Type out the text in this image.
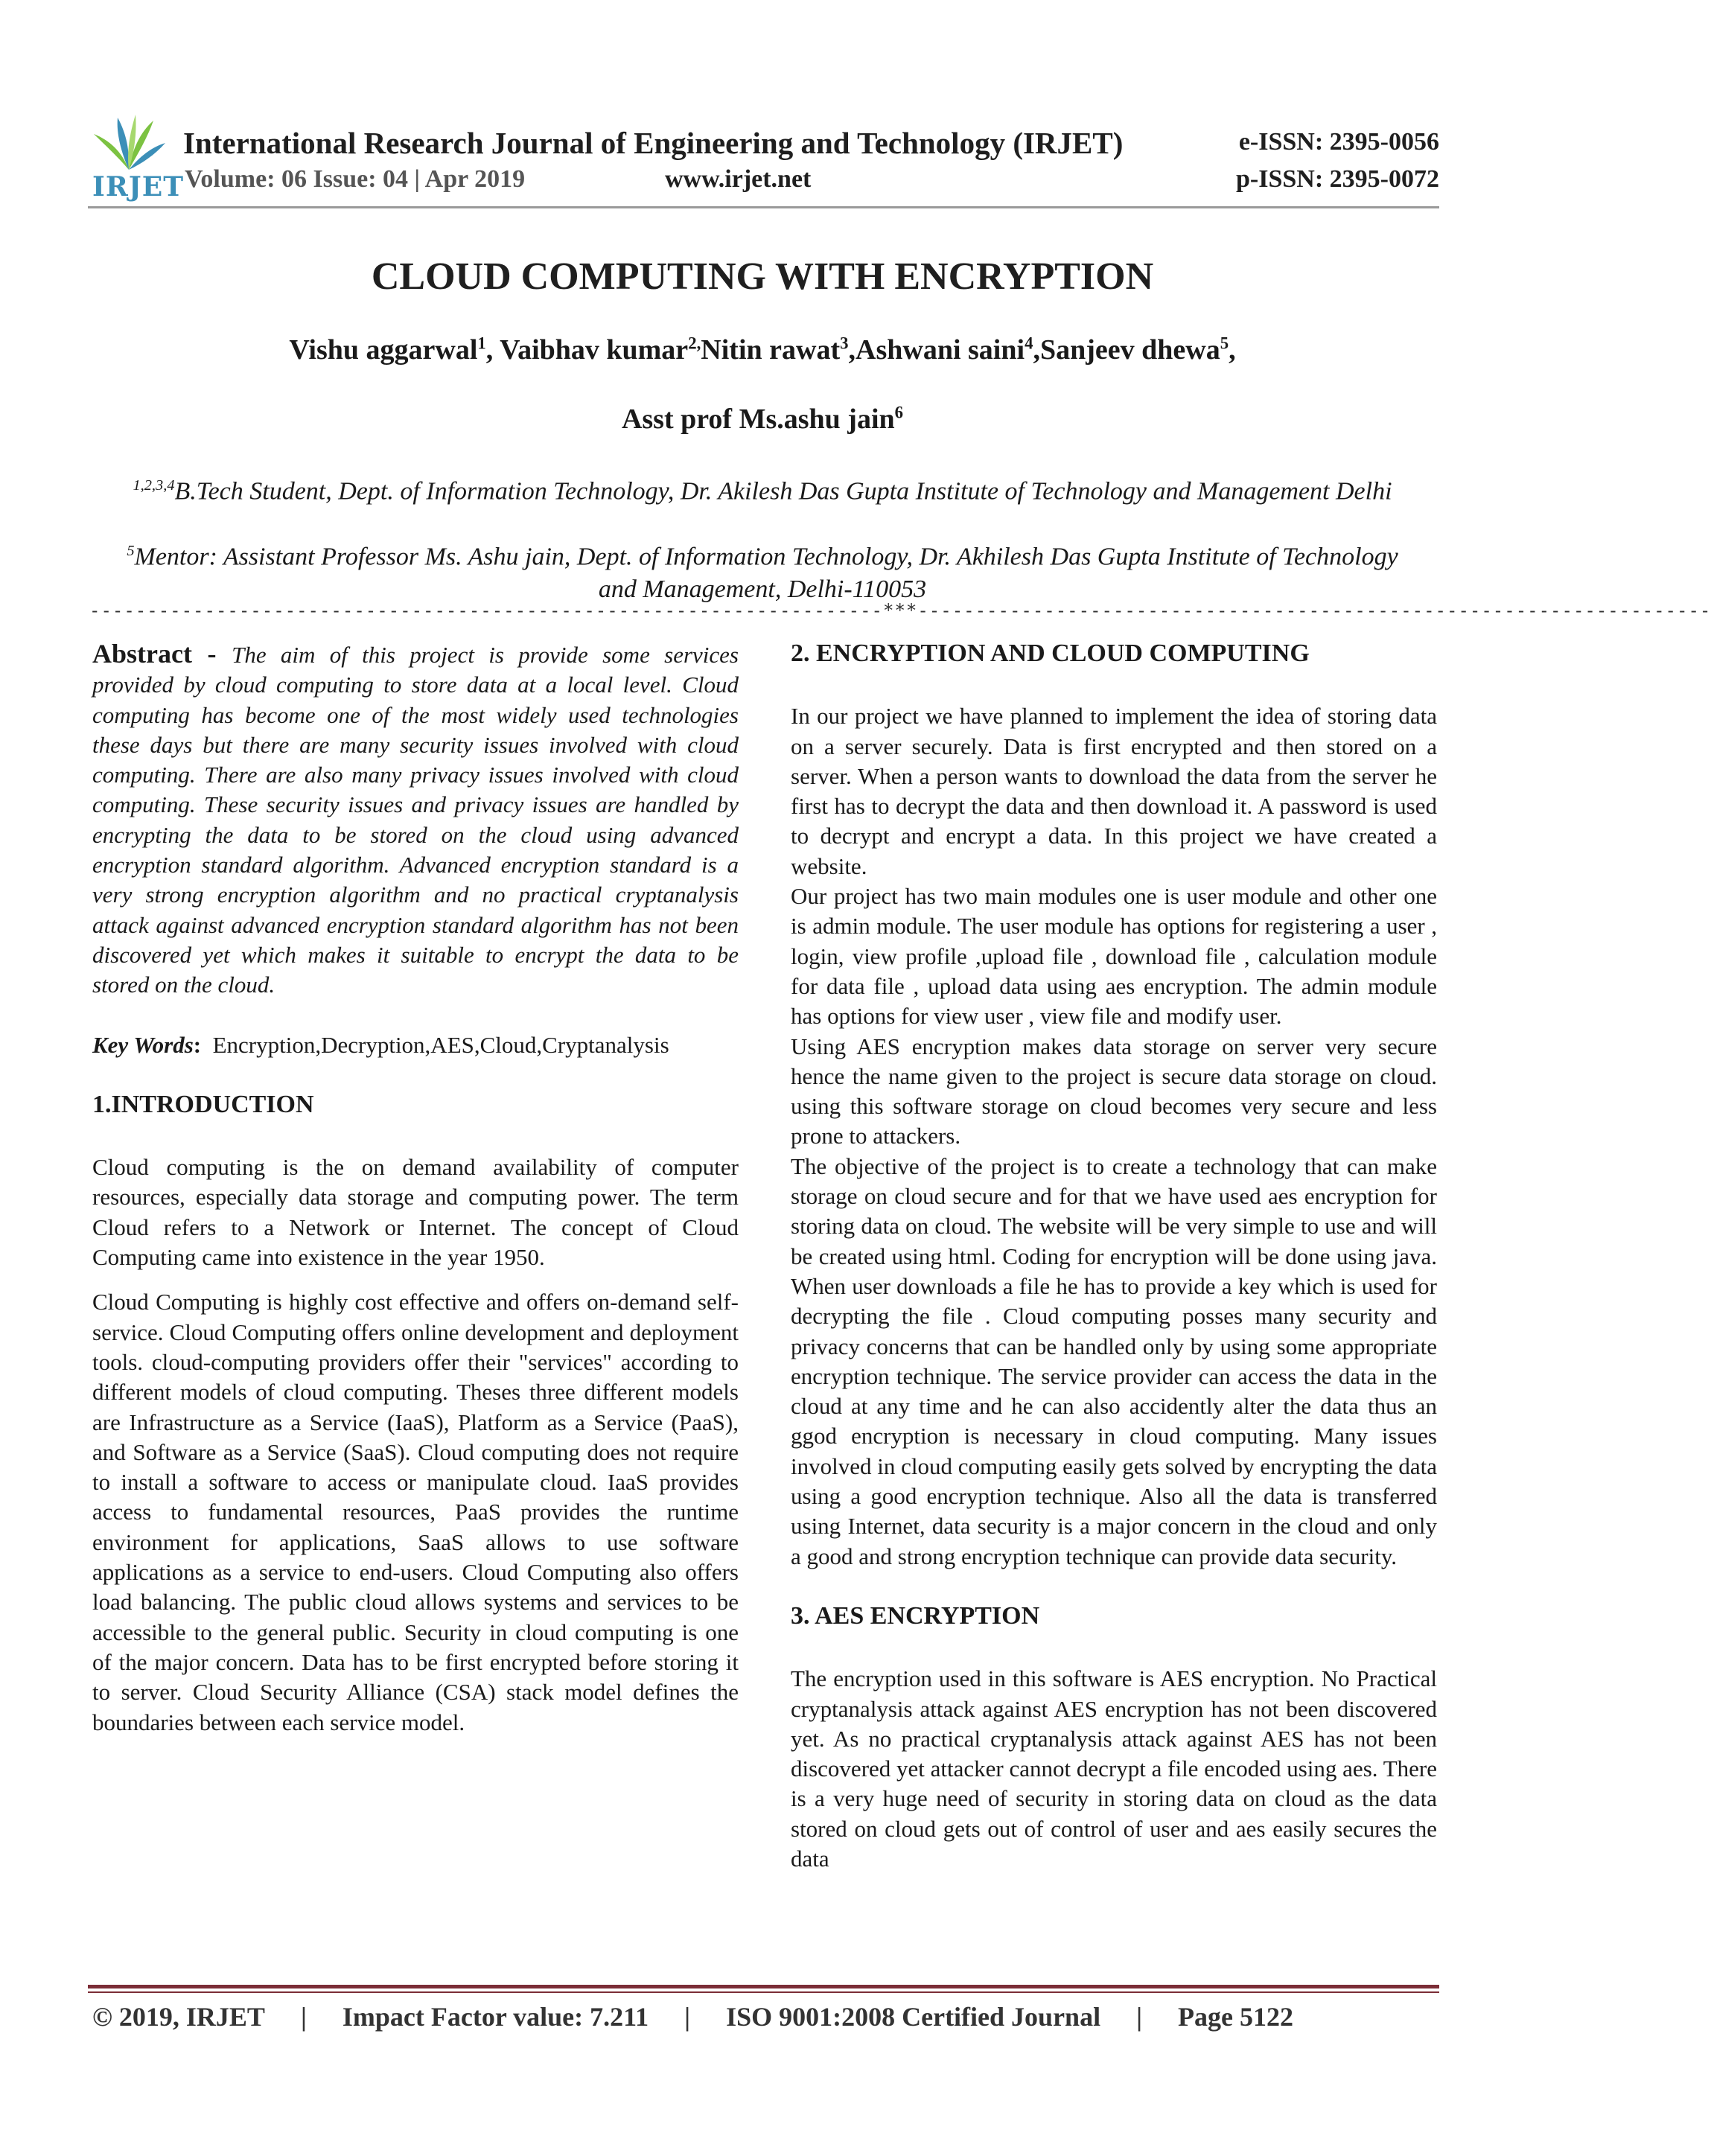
IRJET
International Research Journal of Engineering and Technology (IRJET)
Volume: 06 Issue: 04 | Apr 2019	www.irjet.net
e-ISSN: 2395-0056
p-ISSN: 2395-0072
CLOUD COMPUTING WITH ENCRYPTION
Vishu aggarwal$^1$, Vaibhav kumar$^{2,}$Nitin rawat$^3$,Ashwani saini$^4$,Sanjeev dhewa$^5$,
Asst prof Ms.ashu jain$^6$
$^{1,2,3,4}$B.Tech Student, Dept. of Information Technology, Dr. Akilesh Das Gupta Institute of Technology and Management Delhi
$^5$Mentor: Assistant Professor Ms. Ashu jain, Dept. of Information Technology, Dr. Akhilesh Das Gupta Institute of Technology and Management, Delhi-110053
---------------------------------------------------------------------***---------------------------------------------------------------------

Abstract - The aim of this project is provide some services provided by cloud computing to store data at a local level. Cloud computing has become one of the most widely used technologies these days but there are many security issues involved with cloud computing. There are also many privacy issues involved with cloud computing. These security issues and privacy issues are handled by encrypting the data to be stored on the cloud using advanced encryption standard algorithm. Advanced encryption standard is a very strong encryption algorithm and no practical cryptanalysis attack against advanced encryption standard algorithm has not been discovered yet which makes it suitable to encrypt the data to be stored on the cloud.

Key Words: Encryption,Decryption,AES,Cloud,Cryptanalysis

1.INTRODUCTION

Cloud computing is the on demand availability of computer resources, especially data storage and computing power. The term Cloud refers to a Network or Internet. The concept of Cloud Computing came into existence in the year 1950.

Cloud Computing is highly cost effective and offers on-demand self-service. Cloud Computing offers online development and deployment tools. cloud-computing providers offer their "services" according to different models of cloud computing. Theses three different models are Infrastructure as a Service (IaaS), Platform as a Service (PaaS), and Software as a Service (SaaS). Cloud computing does not require to install a software to access or manipulate cloud. IaaS provides access to fundamental resources, PaaS provides the runtime environment for applications, SaaS allows to use software applications as a service to end-users. Cloud Computing also offers load balancing. The public cloud allows systems and services to be accessible to the general public. Security in cloud computing is one of the major concern. Data has to be first encrypted before storing it to server. Cloud Security Alliance (CSA) stack model defines the boundaries between each service model.

2. ENCRYPTION AND CLOUD COMPUTING

In our project we have planned to implement the idea of storing data on a server securely. Data is first encrypted and then stored on a server. When a person wants to download the data from the server he first has to decrypt the data and then download it. A password is used to decrypt and encrypt a data. In this project we have created a website.

Our project has two main modules one is user module and other one is admin module. The user module has options for registering a user , login, view profile ,upload file , download file , calculation module for data file , upload data using aes encryption. The admin module has options for view user , view file and modify user.

Using AES encryption makes data storage on server very secure hence the name given to the project is secure data storage on cloud. using this software storage on cloud becomes very secure and less prone to attackers.

The objective of the project is to create a technology that can make storage on cloud secure and for that we have used aes encryption for storing data on cloud. The website will be very simple to use and will be created using html. Coding for encryption will be done using java. When user downloads a file he has to provide a key which is used for decrypting the file . Cloud computing posses many security and privacy concerns that can be handled only by using some appropriate encryption technique. The service provider can access the data in the cloud at any time and he can also accidently alter the data thus an ggod encryption is necessary in cloud computing. Many issues involved in cloud computing easily gets solved by encrypting the data using a good encryption technique. Also all the data is transferred using Internet, data security is a major concern in the cloud and only a good and strong encryption technique can provide data security.

3. AES ENCRYPTION

The encryption used in this software is AES encryption. No Practical cryptanalysis attack against AES encryption has not been discovered yet. As no practical cryptanalysis attack against AES has not been discovered yet attacker cannot decrypt a file encoded using aes. There is a very huge need of security in storing data on cloud as the data stored on cloud gets out of control of user and aes easily secures the data

© 2019, IRJET | Impact Factor value: 7.211 | ISO 9001:2008 Certified Journal | Page 5122
